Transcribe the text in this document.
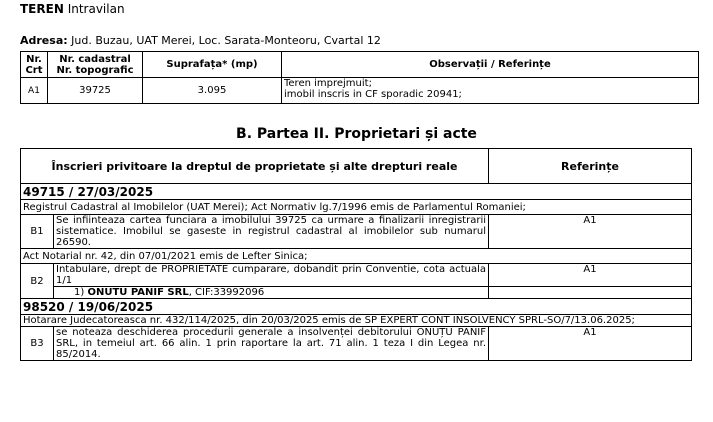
TEREN Intravilan
Adresa: Jud. Buzau, UAT Merei, Loc. Sarata-Monteoru, Cvartal 12
Nr. Crt	Nr. cadastral Nr. topografic	Suprafața* (mp)	Observații / Referințe
A1	39725	3.095	Teren imprejmuit;
imobil inscris in CF sporadic 20941;
B. Partea II. Proprietari și acte
Înscrieri privitoare la dreptul de proprietate și alte drepturi reale		Referințe
49715 / 27/03/2025		
Registrul Cadastral al Imobilelor (UAT Merei); Act Normativ lg.7/1996 emis de Parlamentul Romaniei;		
B1	Se infiinteaza cartea funciara a imobilului 39725 ca urmare a finalizarii inregistrarii sistematice. Imobilul se gaseste in registrul cadastral al imobilelor sub numarul 26590.	A1
Act Notarial nr. 42, din 07/01/2021 emis de Lefter Sinica;		
B2	Intabulare, drept de PROPRIETATE cumparare, dobandit prin Conventie, cota actuala 1/1	A1
	1) ONUTU PANIF SRL, CIF:33992096	
98520 / 19/06/2025		
Hotarare Judecatoreasca nr. 432/114/2025, din 20/03/2025 emis de SP EXPERT CONT INSOLVENCY SPRL-SO/7/13.06.2025;		
B3	se noteaza deschiderea procedurii generale a insolvenței debitorului ONUȚU PANIF SRL, in temeiul art. 66 alin. 1 prin raportare la art. 71 alin. 1 teza I din Legea nr. 85/2014.	A1
